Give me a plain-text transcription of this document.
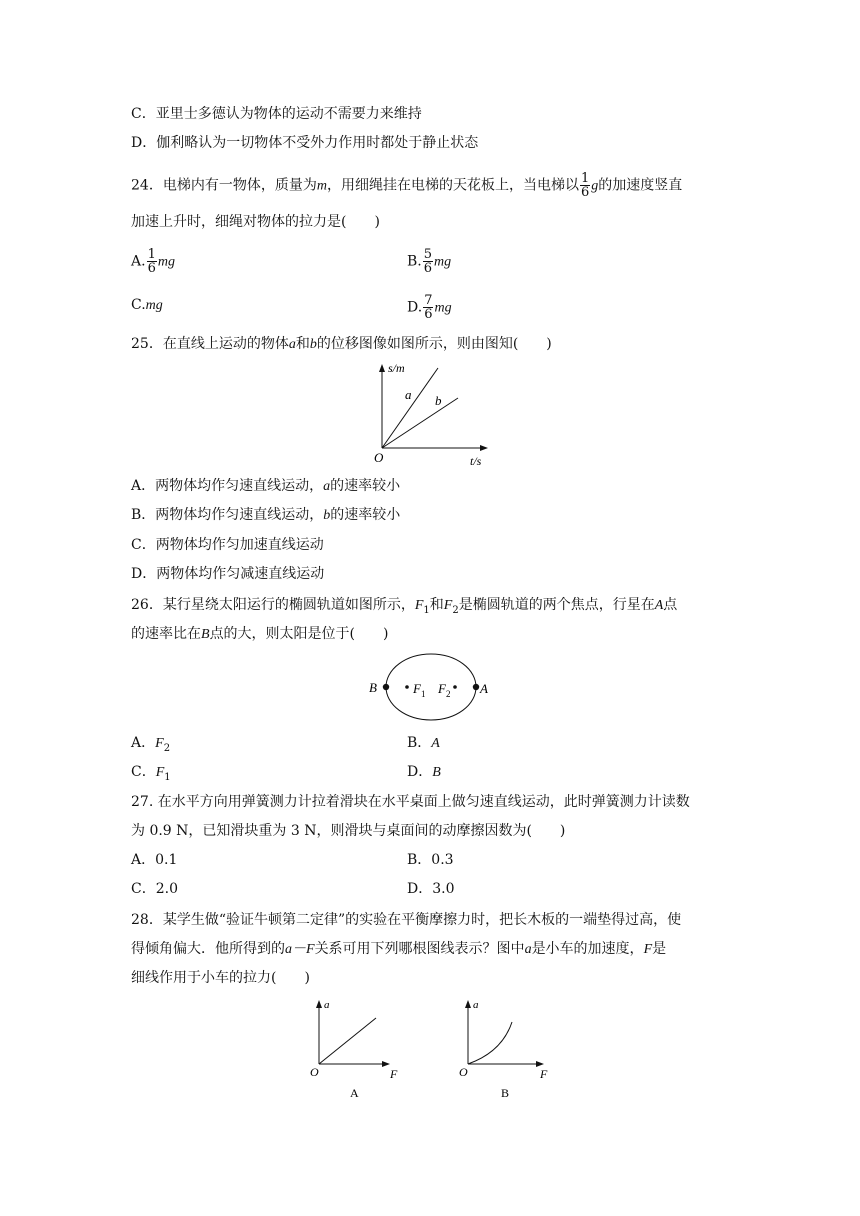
C．亚里士多德认为物体的运动不需要力来维持
D．伽利略认为一切物体不受外力作用时都处于静止状态
24．电梯内有一物体，质量为m，用细绳挂在电梯的天花板上，当电梯以 $\frac{1}{6}$ g的加速度竖直
加速上升时，细绳对物体的拉力是(　　)
A. $\frac{1}{6}$ mg	B. $\frac{5}{6}$ mg
C.mg	D. $\frac{7}{6}$ mg
25．在直线上运动的物体a和b的位移图像如图所示，则由图知(　　)
s/m
t/s
O
a b
A．两物体均作匀速直线运动，a的速率较小
B．两物体均作匀速直线运动，b的速率较小
C．两物体均作匀加速直线运动
D．两物体均作匀减速直线运动
26．某行星绕太阳运行的椭圆轨道如图所示，$F_1$和$F_2$是椭圆轨道的两个焦点，行星在A点
的速率比在B点的大，则太阳是位于(　　)
B	A
F 1 F 2
A．$F_2$	B．A
C．$F_1$	D．B
27. 在水平方向用弹簧测力计拉着滑块在水平桌面上做匀速直线运动，此时弹簧测力计读数
为 0.9 N，已知滑块重为 3 N，则滑块与桌面间的动摩擦因数为(　　)
A．0.1	B．0.3
C．2.0	D．3.0
28．某学生做“验证牛顿第二定律”的实验在平衡摩擦力时，把长木板的一端垫得过高，使
得倾角偏大．他所得到的a－F关系可用下列哪根图线表示？图中a是小车的加速度，F是
细线作用于小车的拉力(　　)
a
F
O
A
a
F
O
B
